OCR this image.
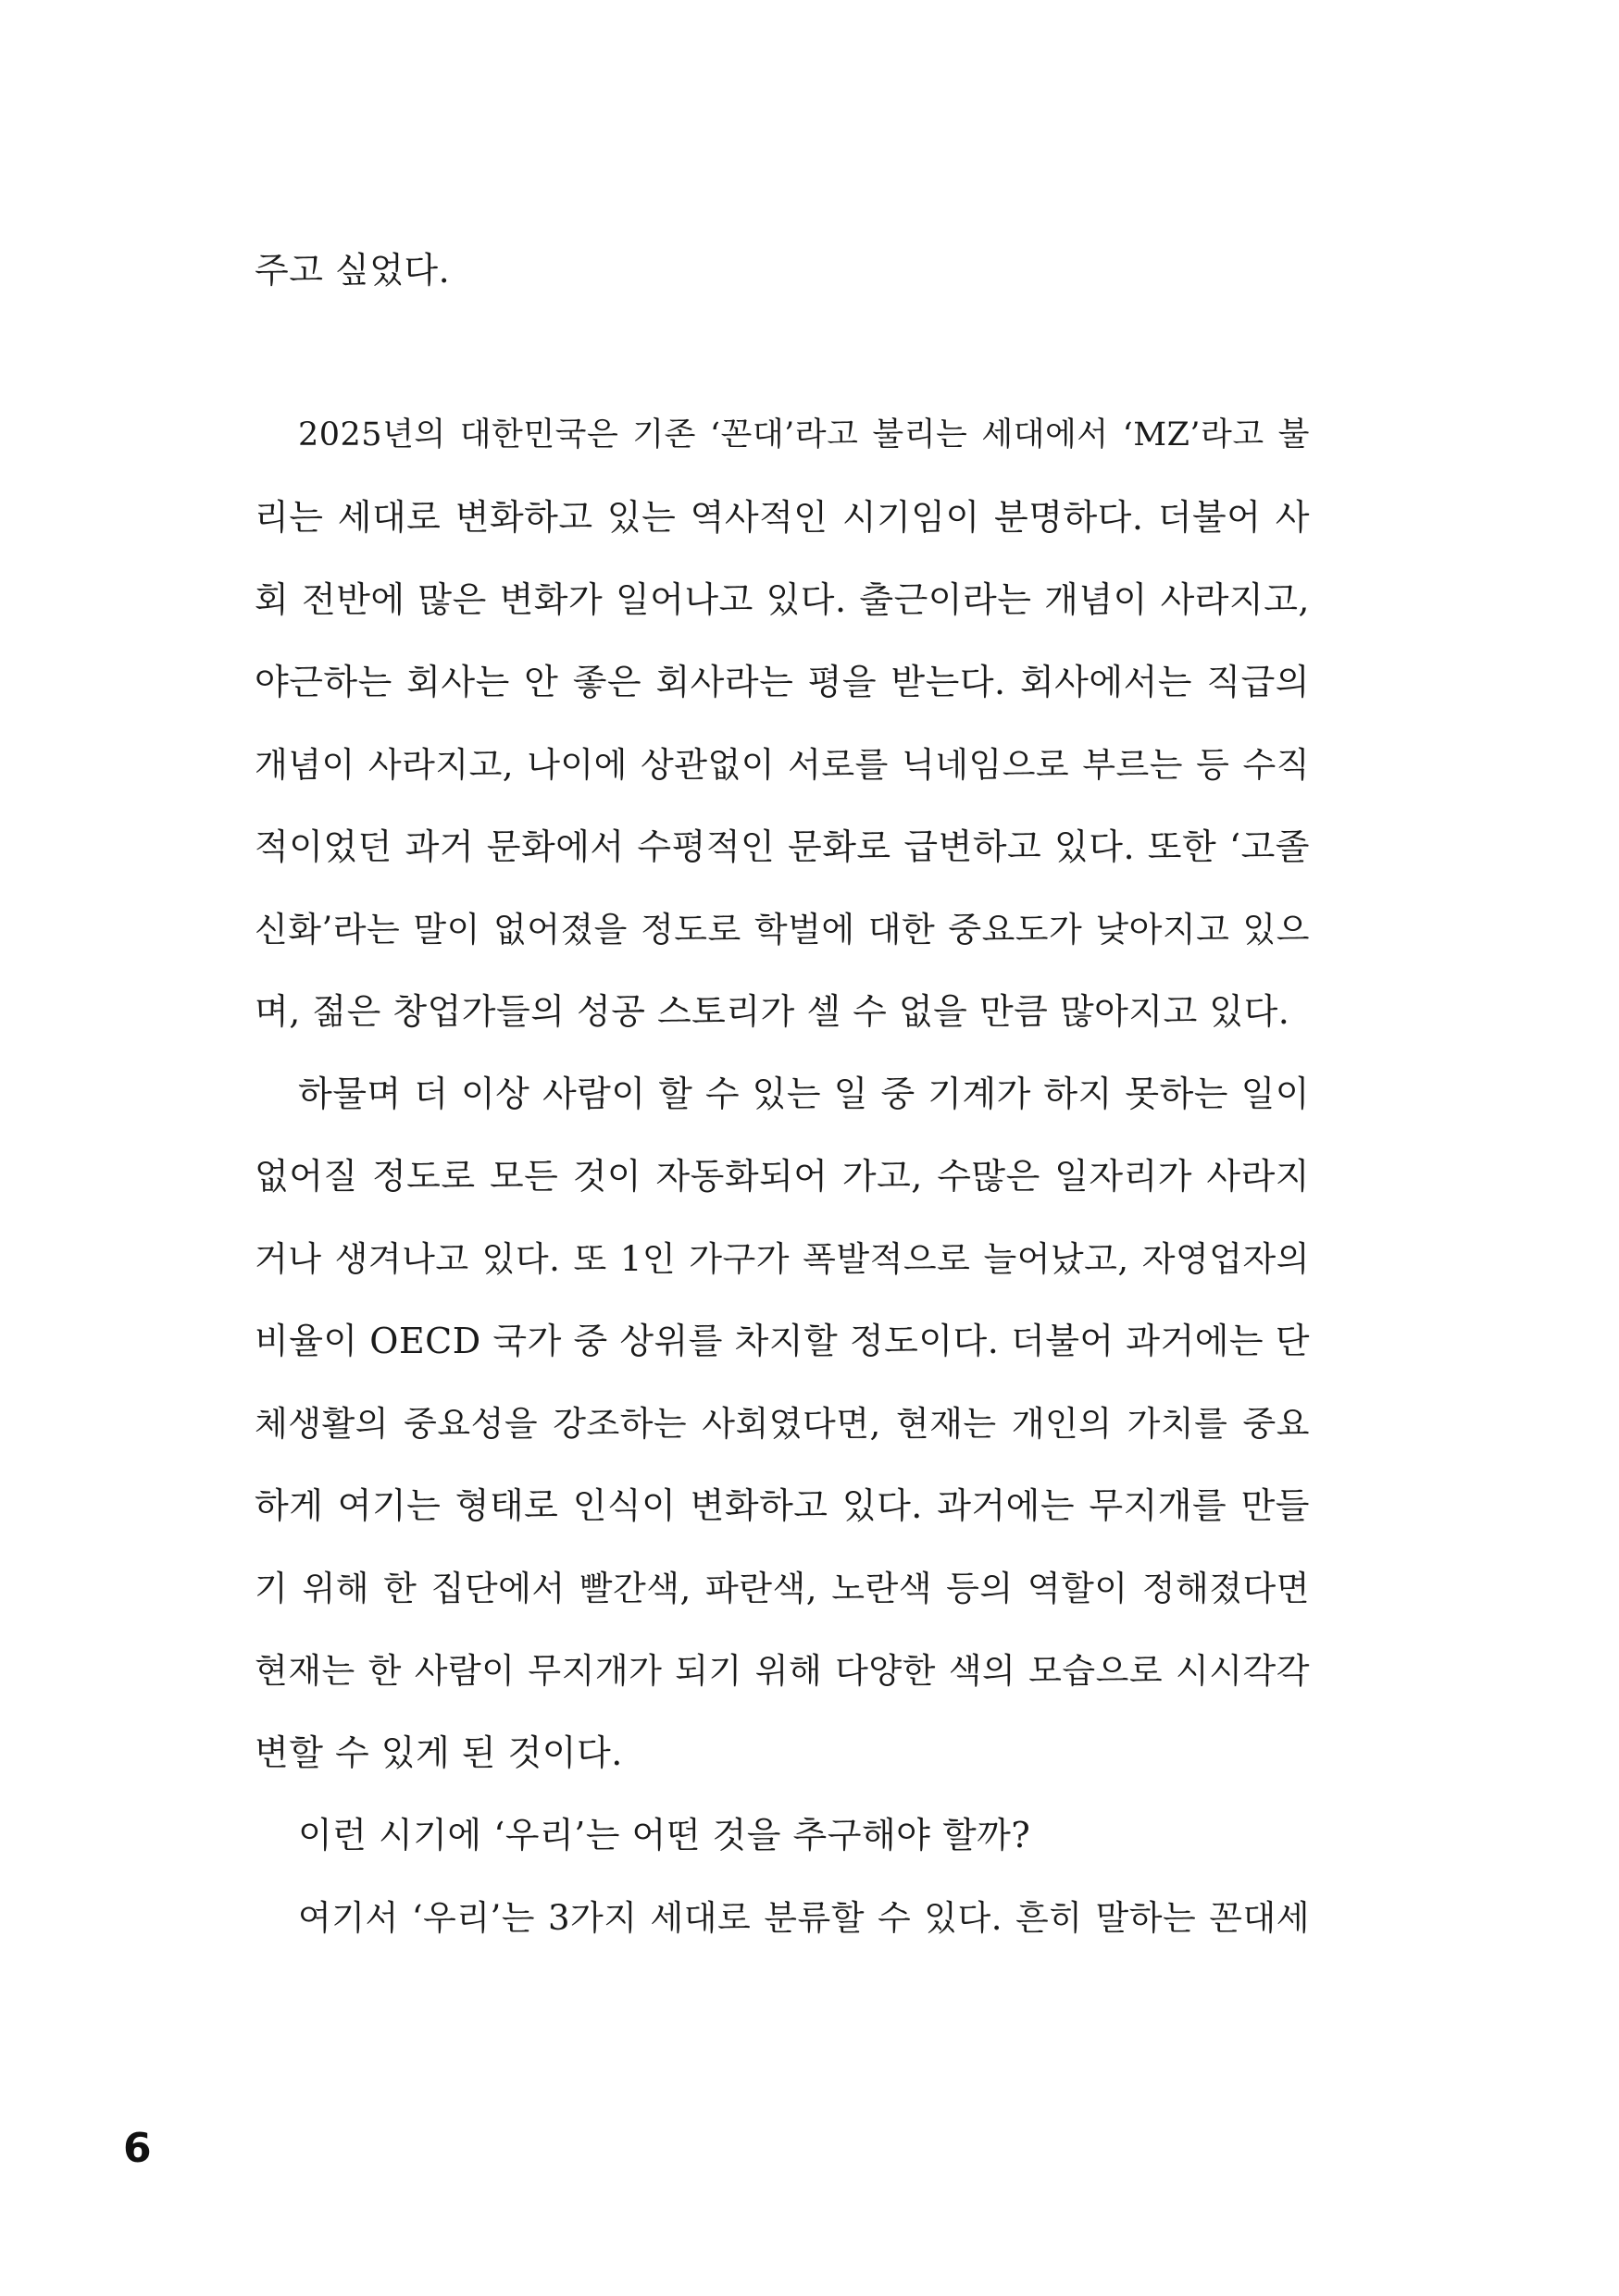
주고 싶었다.
2025년의 대한민국은 기존 ‘꼰대’라고 불리는 세대에서 ‘MZ’라고 불
리는 세대로 변화하고 있는 역사적인 시기임이 분명하다. 더불어 사
회 전반에 많은 변화가 일어나고 있다. 출근이라는 개념이 사라지고,
야근하는 회사는 안 좋은 회사라는 평을 받는다. 회사에서는 직급의
개념이 사라지고, 나이에 상관없이 서로를 닉네임으로 부르는 등 수직
적이었던 과거 문화에서 수평적인 문화로 급변하고 있다. 또한 ‘고졸
신화’라는 말이 없어졌을 정도로 학벌에 대한 중요도가 낮아지고 있으
며, 젊은 창업가들의 성공 스토리가 셀 수 없을 만큼 많아지고 있다.
하물며 더 이상 사람이 할 수 있는 일 중 기계가 하지 못하는 일이
없어질 정도로 모든 것이 자동화되어 가고, 수많은 일자리가 사라지
거나 생겨나고 있다. 또 1인 가구가 폭발적으로 늘어났고, 자영업자의
비율이 OECD 국가 중 상위를 차지할 정도이다. 더불어 과거에는 단
체생활의 중요성을 강조하는 사회였다면, 현재는 개인의 가치를 중요
하게 여기는 형태로 인식이 변화하고 있다. 과거에는 무지개를 만들
기 위해 한 집단에서 빨간색, 파란색, 노란색 등의 역할이 정해졌다면
현재는 한 사람이 무지개가 되기 위해 다양한 색의 모습으로 시시각각
변할 수 있게 된 것이다.
이런 시기에 ‘우리’는 어떤 것을 추구해야 할까?
여기서 ‘우리’는 3가지 세대로 분류할 수 있다. 흔히 말하는 꼰대세
6
